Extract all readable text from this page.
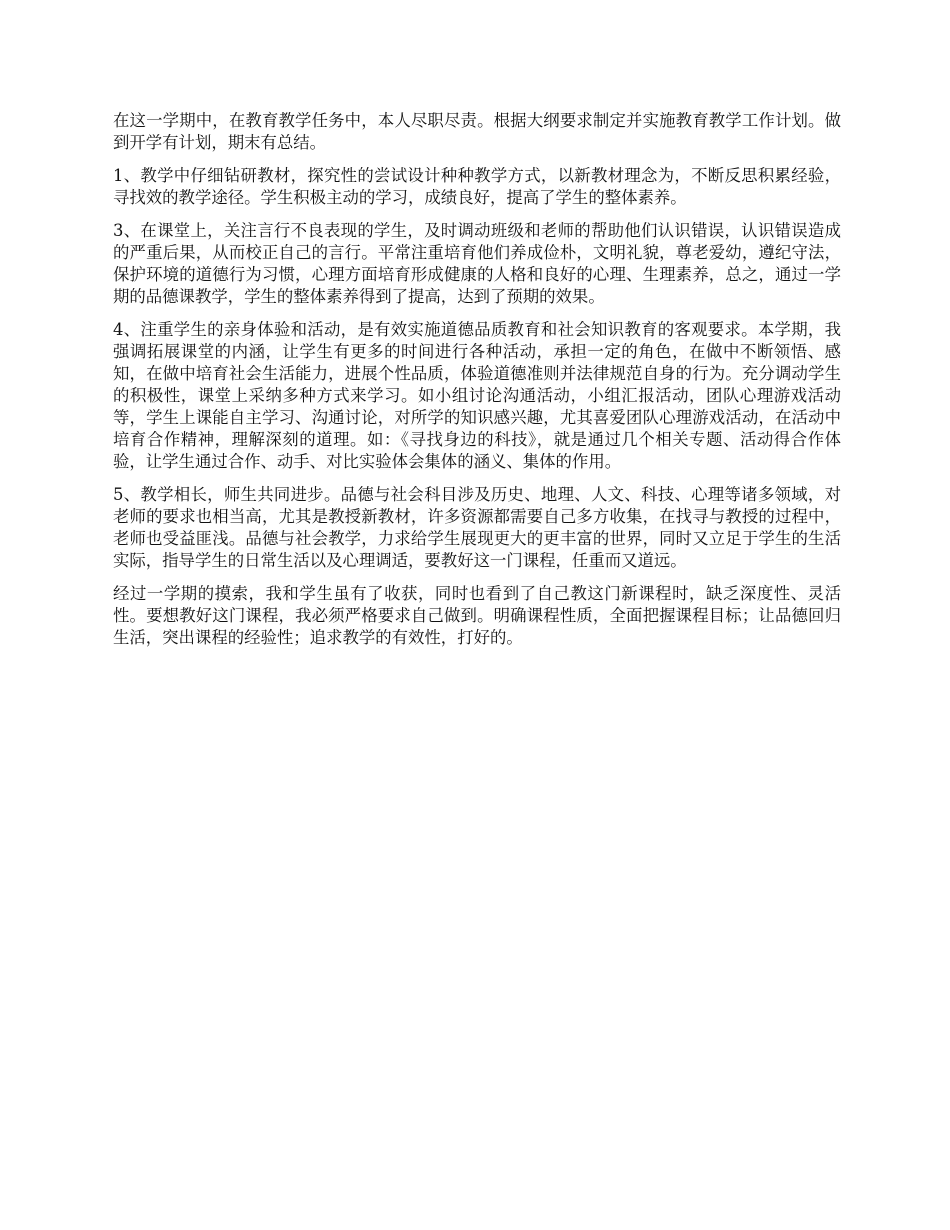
在这一学期中，在教育教学任务中，本人尽职尽责。根据大纲要求制定并实施教育教学工作计划。做到开学有计划，期末有总结。

1、教学中仔细钻研教材，探究性的尝试设计种种教学方式，以新教材理念为，不断反思积累经验，寻找效的教学途径。学生积极主动的学习，成绩良好，提高了学生的整体素养。

3、在课堂上，关注言行不良表现的学生，及时调动班级和老师的帮助他们认识错误，认识错误造成的严重后果，从而校正自己的言行。平常注重培育他们养成俭朴，文明礼貌，尊老爱幼，遵纪守法，保护环境的道德行为习惯，心理方面培育形成健康的人格和良好的心理、生理素养，总之，通过一学期的品德课教学，学生的整体素养得到了提高，达到了预期的效果。

4、注重学生的亲身体验和活动，是有效实施道德品质教育和社会知识教育的客观要求。本学期，我强调拓展课堂的内涵，让学生有更多的时间进行各种活动，承担一定的角色，在做中不断领悟、感知，在做中培育社会生活能力，进展个性品质，体验道德准则并法律规范自身的行为。充分调动学生的积极性，课堂上采纳多种方式来学习。如小组讨论沟通活动，小组汇报活动，团队心理游戏活动等，学生上课能自主学习、沟通讨论，对所学的知识感兴趣，尤其喜爱团队心理游戏活动，在活动中培育合作精神，理解深刻的道理。如：《寻找身边的科技》，就是通过几个相关专题、活动得合作体验，让学生通过合作、动手、对比实验体会集体的涵义、集体的作用。

5、教学相长，师生共同进步。品德与社会科目涉及历史、地理、人文、科技、心理等诸多领域，对老师的要求也相当高，尤其是教授新教材，许多资源都需要自己多方收集，在找寻与教授的过程中，老师也受益匪浅。品德与社会教学，力求给学生展现更大的更丰富的世界，同时又立足于学生的生活实际，指导学生的日常生活以及心理调适，要教好这一门课程，任重而又道远。

经过一学期的摸索，我和学生虽有了收获，同时也看到了自己教这门新课程时，缺乏深度性、灵活性。要想教好这门课程，我必须严格要求自己做到。明确课程性质，全面把握课程目标；让品德回归生活，突出课程的经验性；追求教学的有效性，打好的。
